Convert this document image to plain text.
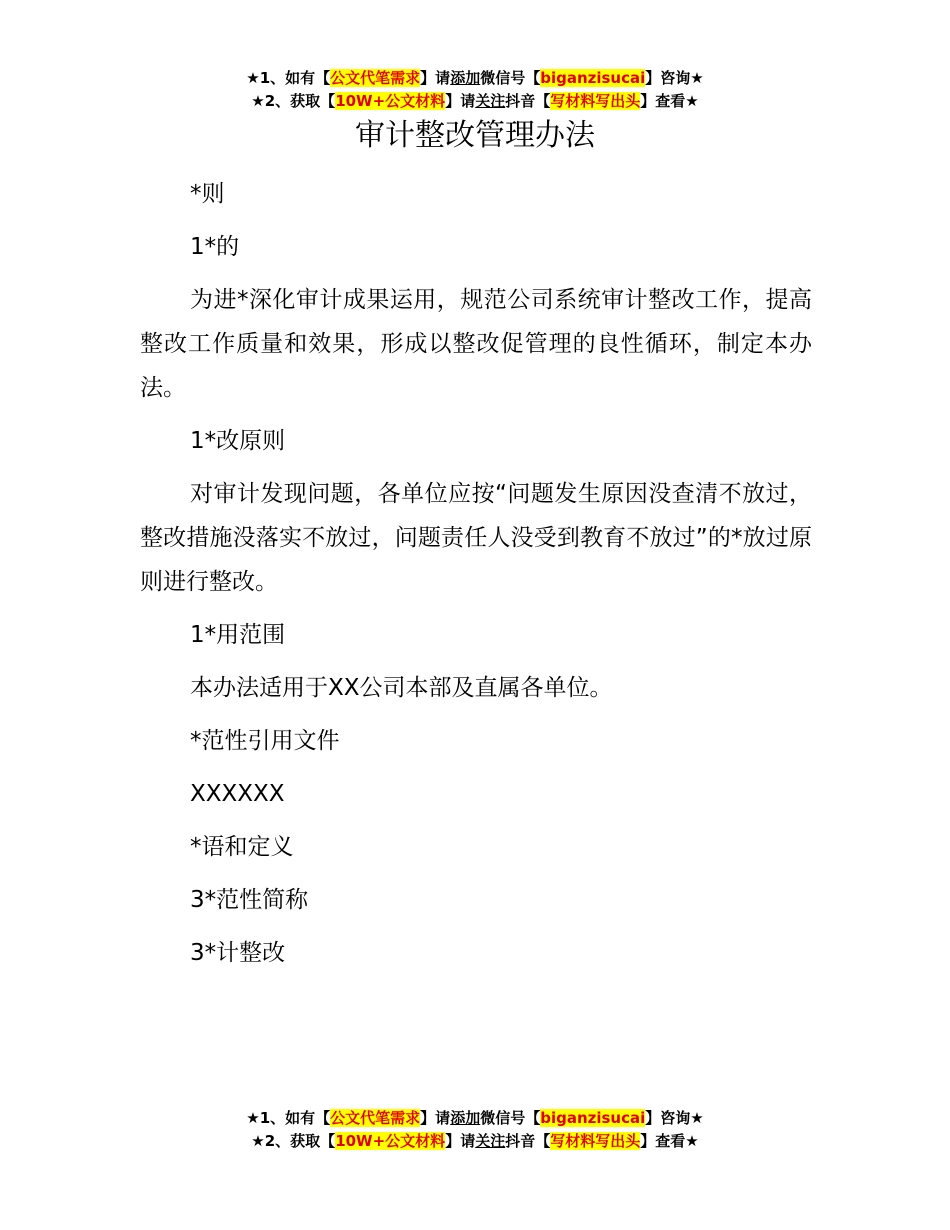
★1、如有【公文代笔需求】请添加微信号【biganzisucai】咨询★
★2、获取【10W+公文材料】请关注抖音【写材料写出头】查看★
审计整改管理办法

*则

1*的

为进*深化审计成果运用，规范公司系统审计整改工作，提高整改工作质量和效果，形成以整改促管理的良性循环，制定本办法。

1*改原则

对审计发现问题，各单位应按“问题发生原因没查清不放过，整改措施没落实不放过，问题责任人没受到教育不放过”的*放过原则进行整改。

1*用范围

本办法适用于XX公司本部及直属各单位。

*范性引用文件

XXXXXX

*语和定义

3*范性简称

3*计整改

★1、如有【公文代笔需求】请添加微信号【biganzisucai】咨询★
★2、获取【10W+公文材料】请关注抖音【写材料写出头】查看★
